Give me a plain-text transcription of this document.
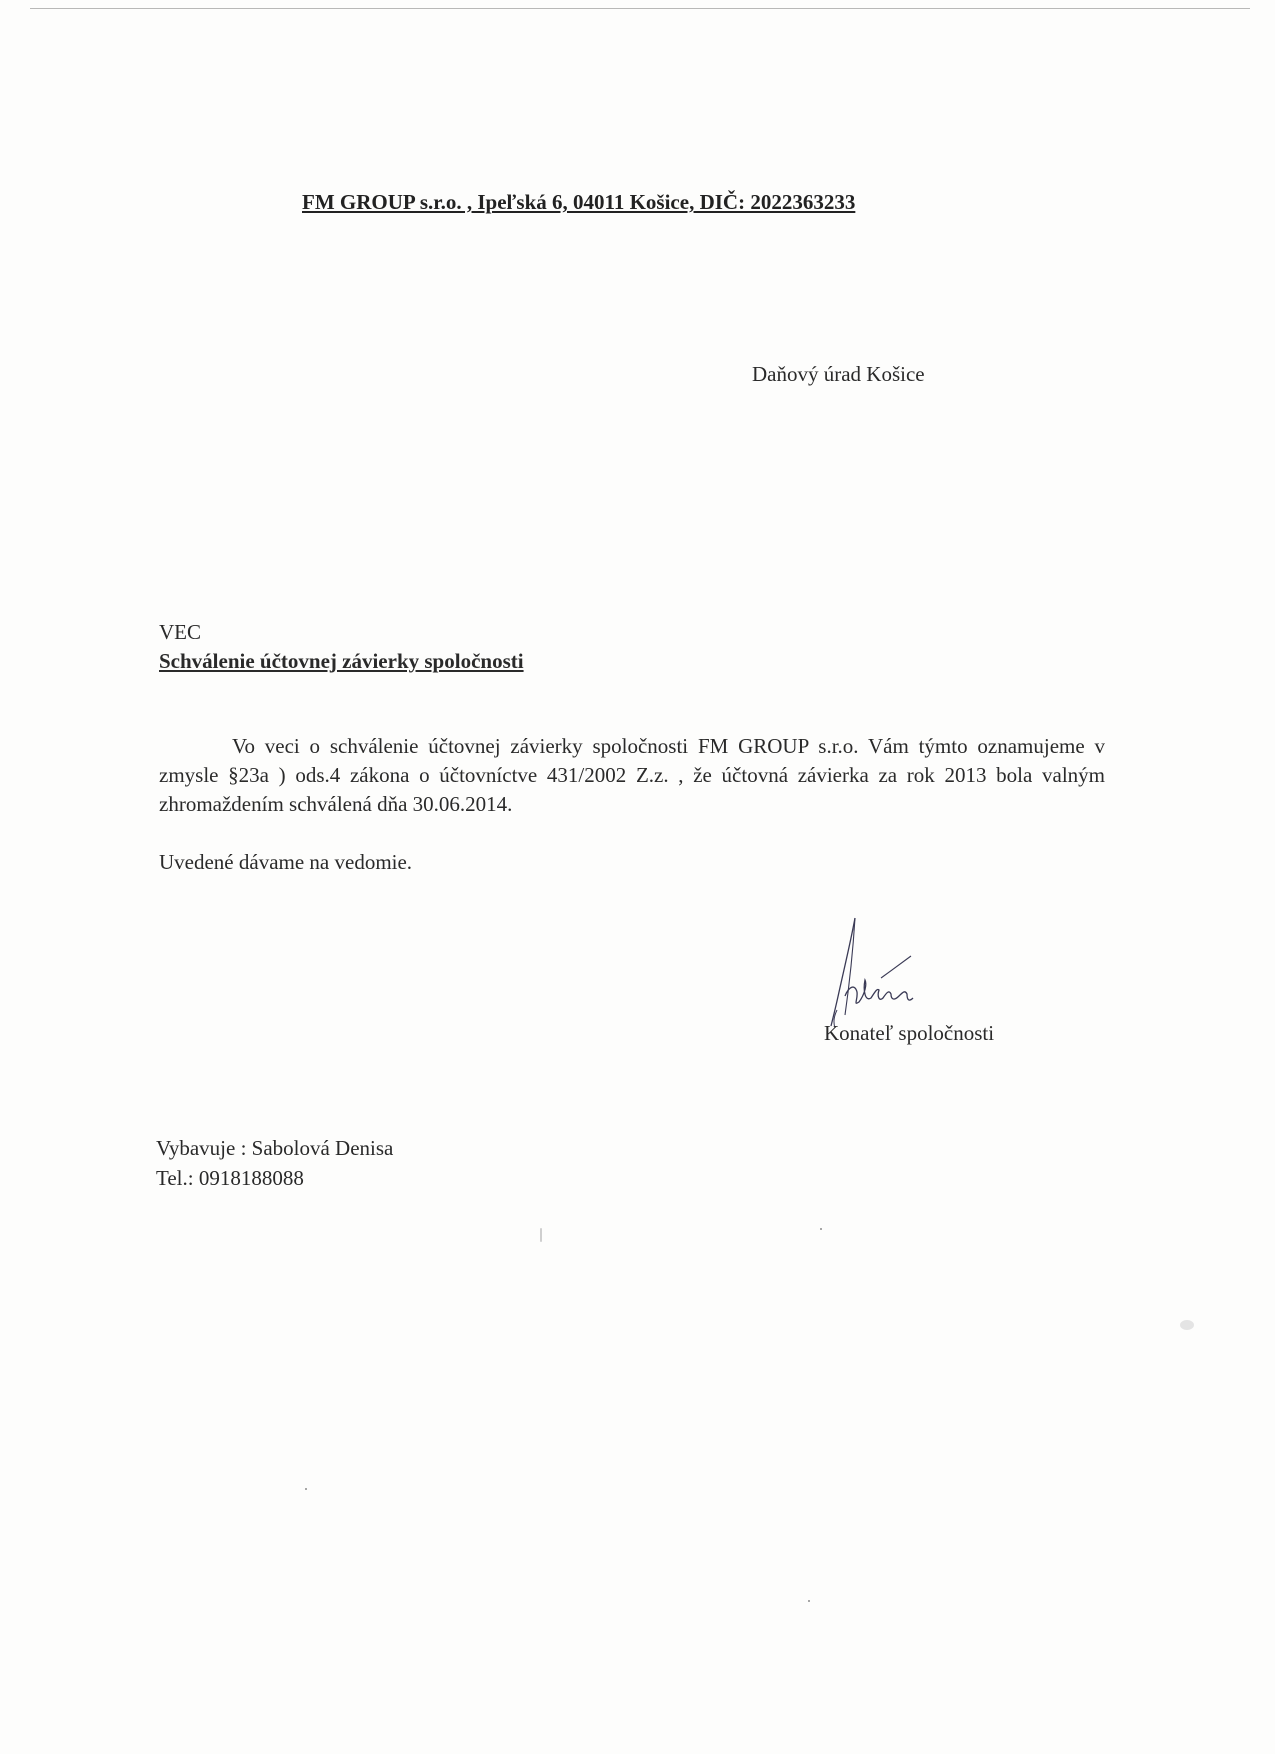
FM GROUP s.r.o. , Ipeľská 6, 04011 Košice, DIČ: 2022363233
Daňový úrad Košice
VEC
Schválenie účtovnej závierky spoločnosti

Vo veci o schválenie účtovnej závierky spoločnosti FM GROUP s.r.o. Vám týmto oznamujeme v zmysle §23a ) ods.4 zákona o účtovníctve 431/2002 Z.z. , že účtovná závierka za rok 2013 bola valným zhromaždením schválená dňa 30.06.2014.

Uvedené dávame na vedomie.
Konateľ spoločnosti
Vybavuje : Sabolová Denisa
Tel.: 0918188088
